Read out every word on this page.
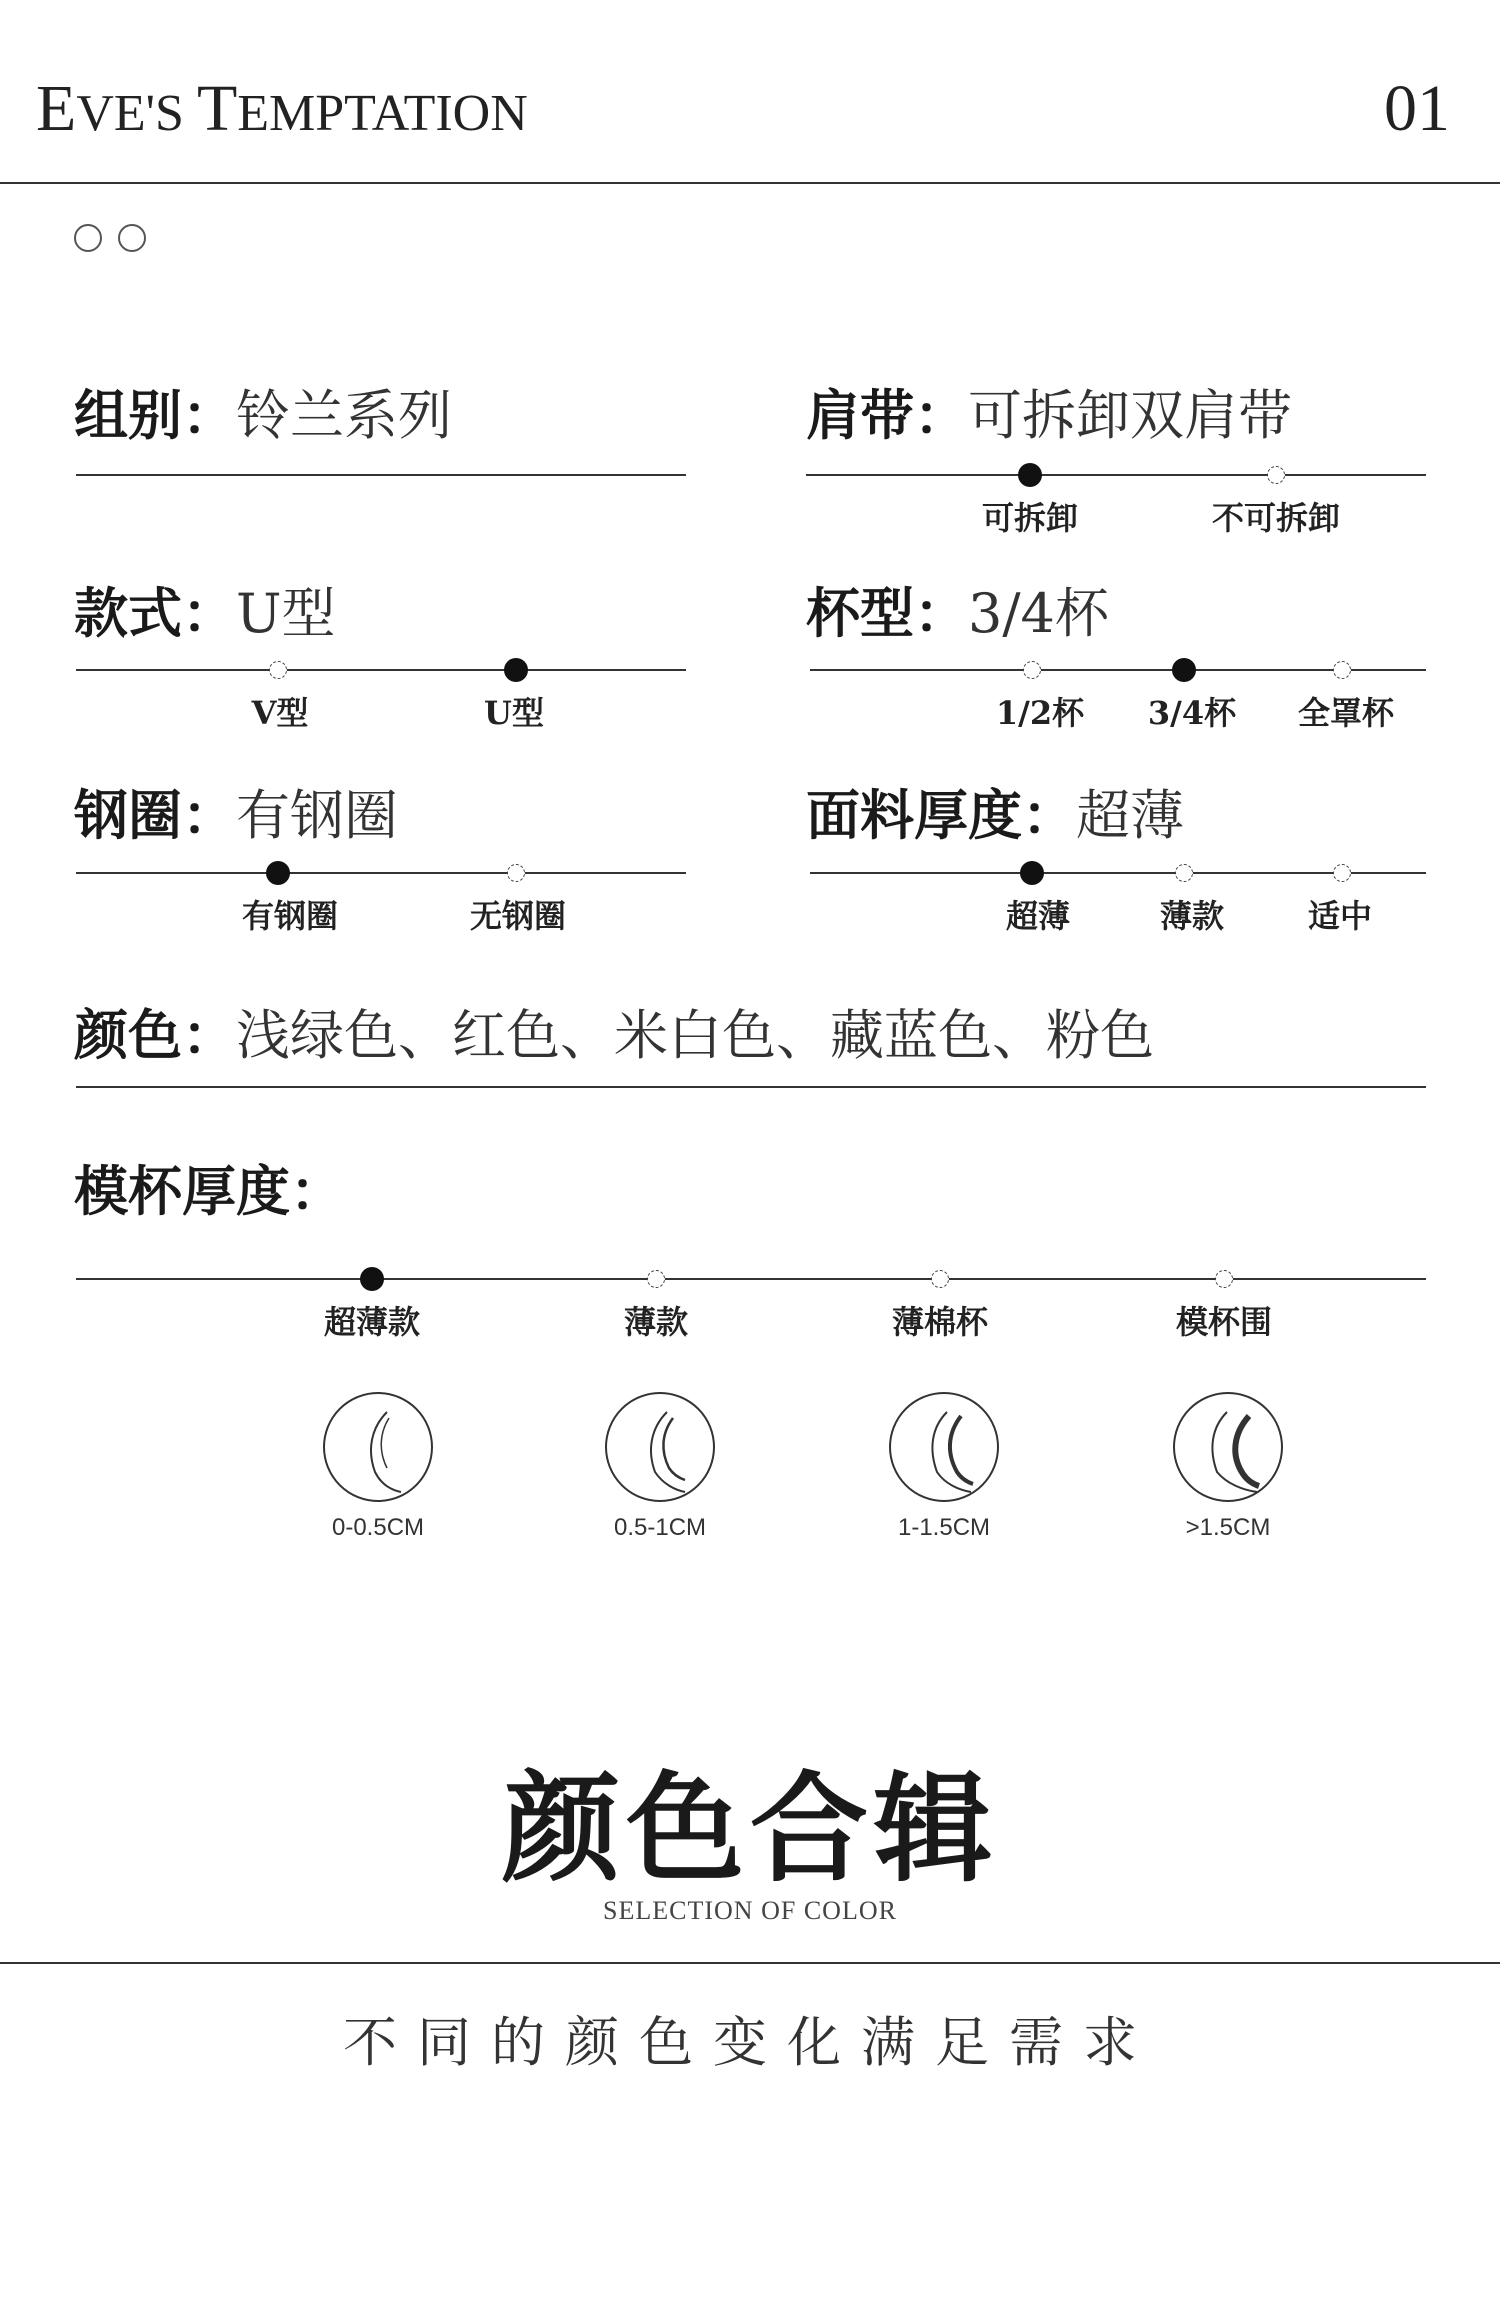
EVE'S TEMPTATION	01
组别：铃兰系列	肩带：可拆卸双肩带
可拆卸	不可拆卸
款式：U型
V型	U型
杯型：3/4杯
1/2杯 3/4杯 全罩杯
钢圈：有钢圈
有钢圈	无钢圈
面料厚度：超薄
超薄	薄款	适中
颜色：浅绿色、红色、米白色、藏蓝色、粉色
模杯厚度：
超薄款	薄款	薄棉杯	模杯围
0-0.5CM	0.5-1CM	1-1.5CM	>1.5CM
颜色合辑
SELECTION OF COLOR
不同的颜色变化满足需求
